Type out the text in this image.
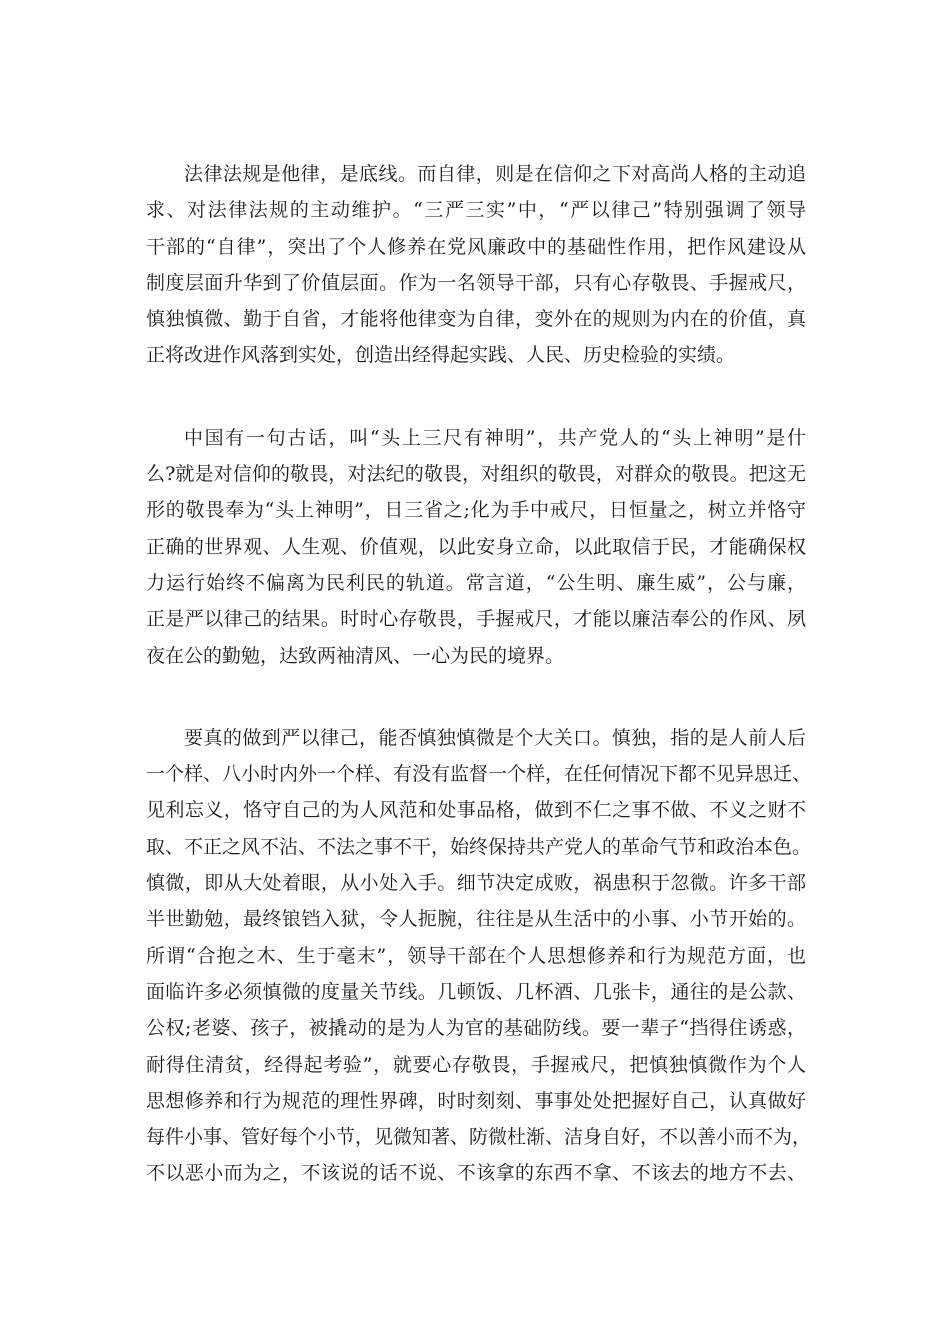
法律法规是他律，是底线。而自律，则是在信仰之下对高尚人格的主动追
求、对法律法规的主动维护。“三严三实”中，“严以律己”特别强调了领导
干部的“自律”，突出了个人修养在党风廉政中的基础性作用，把作风建设从
制度层面升华到了价值层面。作为一名领导干部，只有心存敬畏、手握戒尺，
慎独慎微、勤于自省，才能将他律变为自律，变外在的规则为内在的价值，真
正将改进作风落到实处，创造出经得起实践、人民、历史检验的实绩。
中国有一句古话，叫“头上三尺有神明”，共产党人的“头上神明”是什
么?就是对信仰的敬畏，对法纪的敬畏，对组织的敬畏，对群众的敬畏。把这无
形的敬畏奉为“头上神明”，日三省之;化为手中戒尺，日恒量之，树立并恪守
正确的世界观、人生观、价值观，以此安身立命，以此取信于民，才能确保权
力运行始终不偏离为民利民的轨道。常言道，“公生明、廉生威”，公与廉，
正是严以律己的结果。时时心存敬畏，手握戒尺，才能以廉洁奉公的作风、夙
夜在公的勤勉，达致两袖清风、一心为民的境界。
要真的做到严以律己，能否慎独慎微是个大关口。慎独，指的是人前人后
一个样、八小时内外一个样、有没有监督一个样，在任何情况下都不见异思迁、
见利忘义，恪守自己的为人风范和处事品格，做到不仁之事不做、不义之财不
取、不正之风不沾、不法之事不干，始终保持共产党人的革命气节和政治本色。
慎微，即从大处着眼，从小处入手。细节决定成败，祸患积于忽微。许多干部
半世勤勉，最终锒铛入狱，令人扼腕，往往是从生活中的小事、小节开始的。
所谓“合抱之木、生于毫末”，领导干部在个人思想修养和行为规范方面，也
面临许多必须慎微的度量关节线。几顿饭、几杯酒、几张卡，通往的是公款、
公权;老婆、孩子，被撬动的是为人为官的基础防线。要一辈子“挡得住诱惑，
耐得住清贫，经得起考验”，就要心存敬畏，手握戒尺，把慎独慎微作为个人
思想修养和行为规范的理性界碑，时时刻刻、事事处处把握好自己，认真做好
每件小事、管好每个小节，见微知著、防微杜渐、洁身自好，不以善小而不为，
不以恶小而为之，不该说的话不说、不该拿的东西不拿、不该去的地方不去、
